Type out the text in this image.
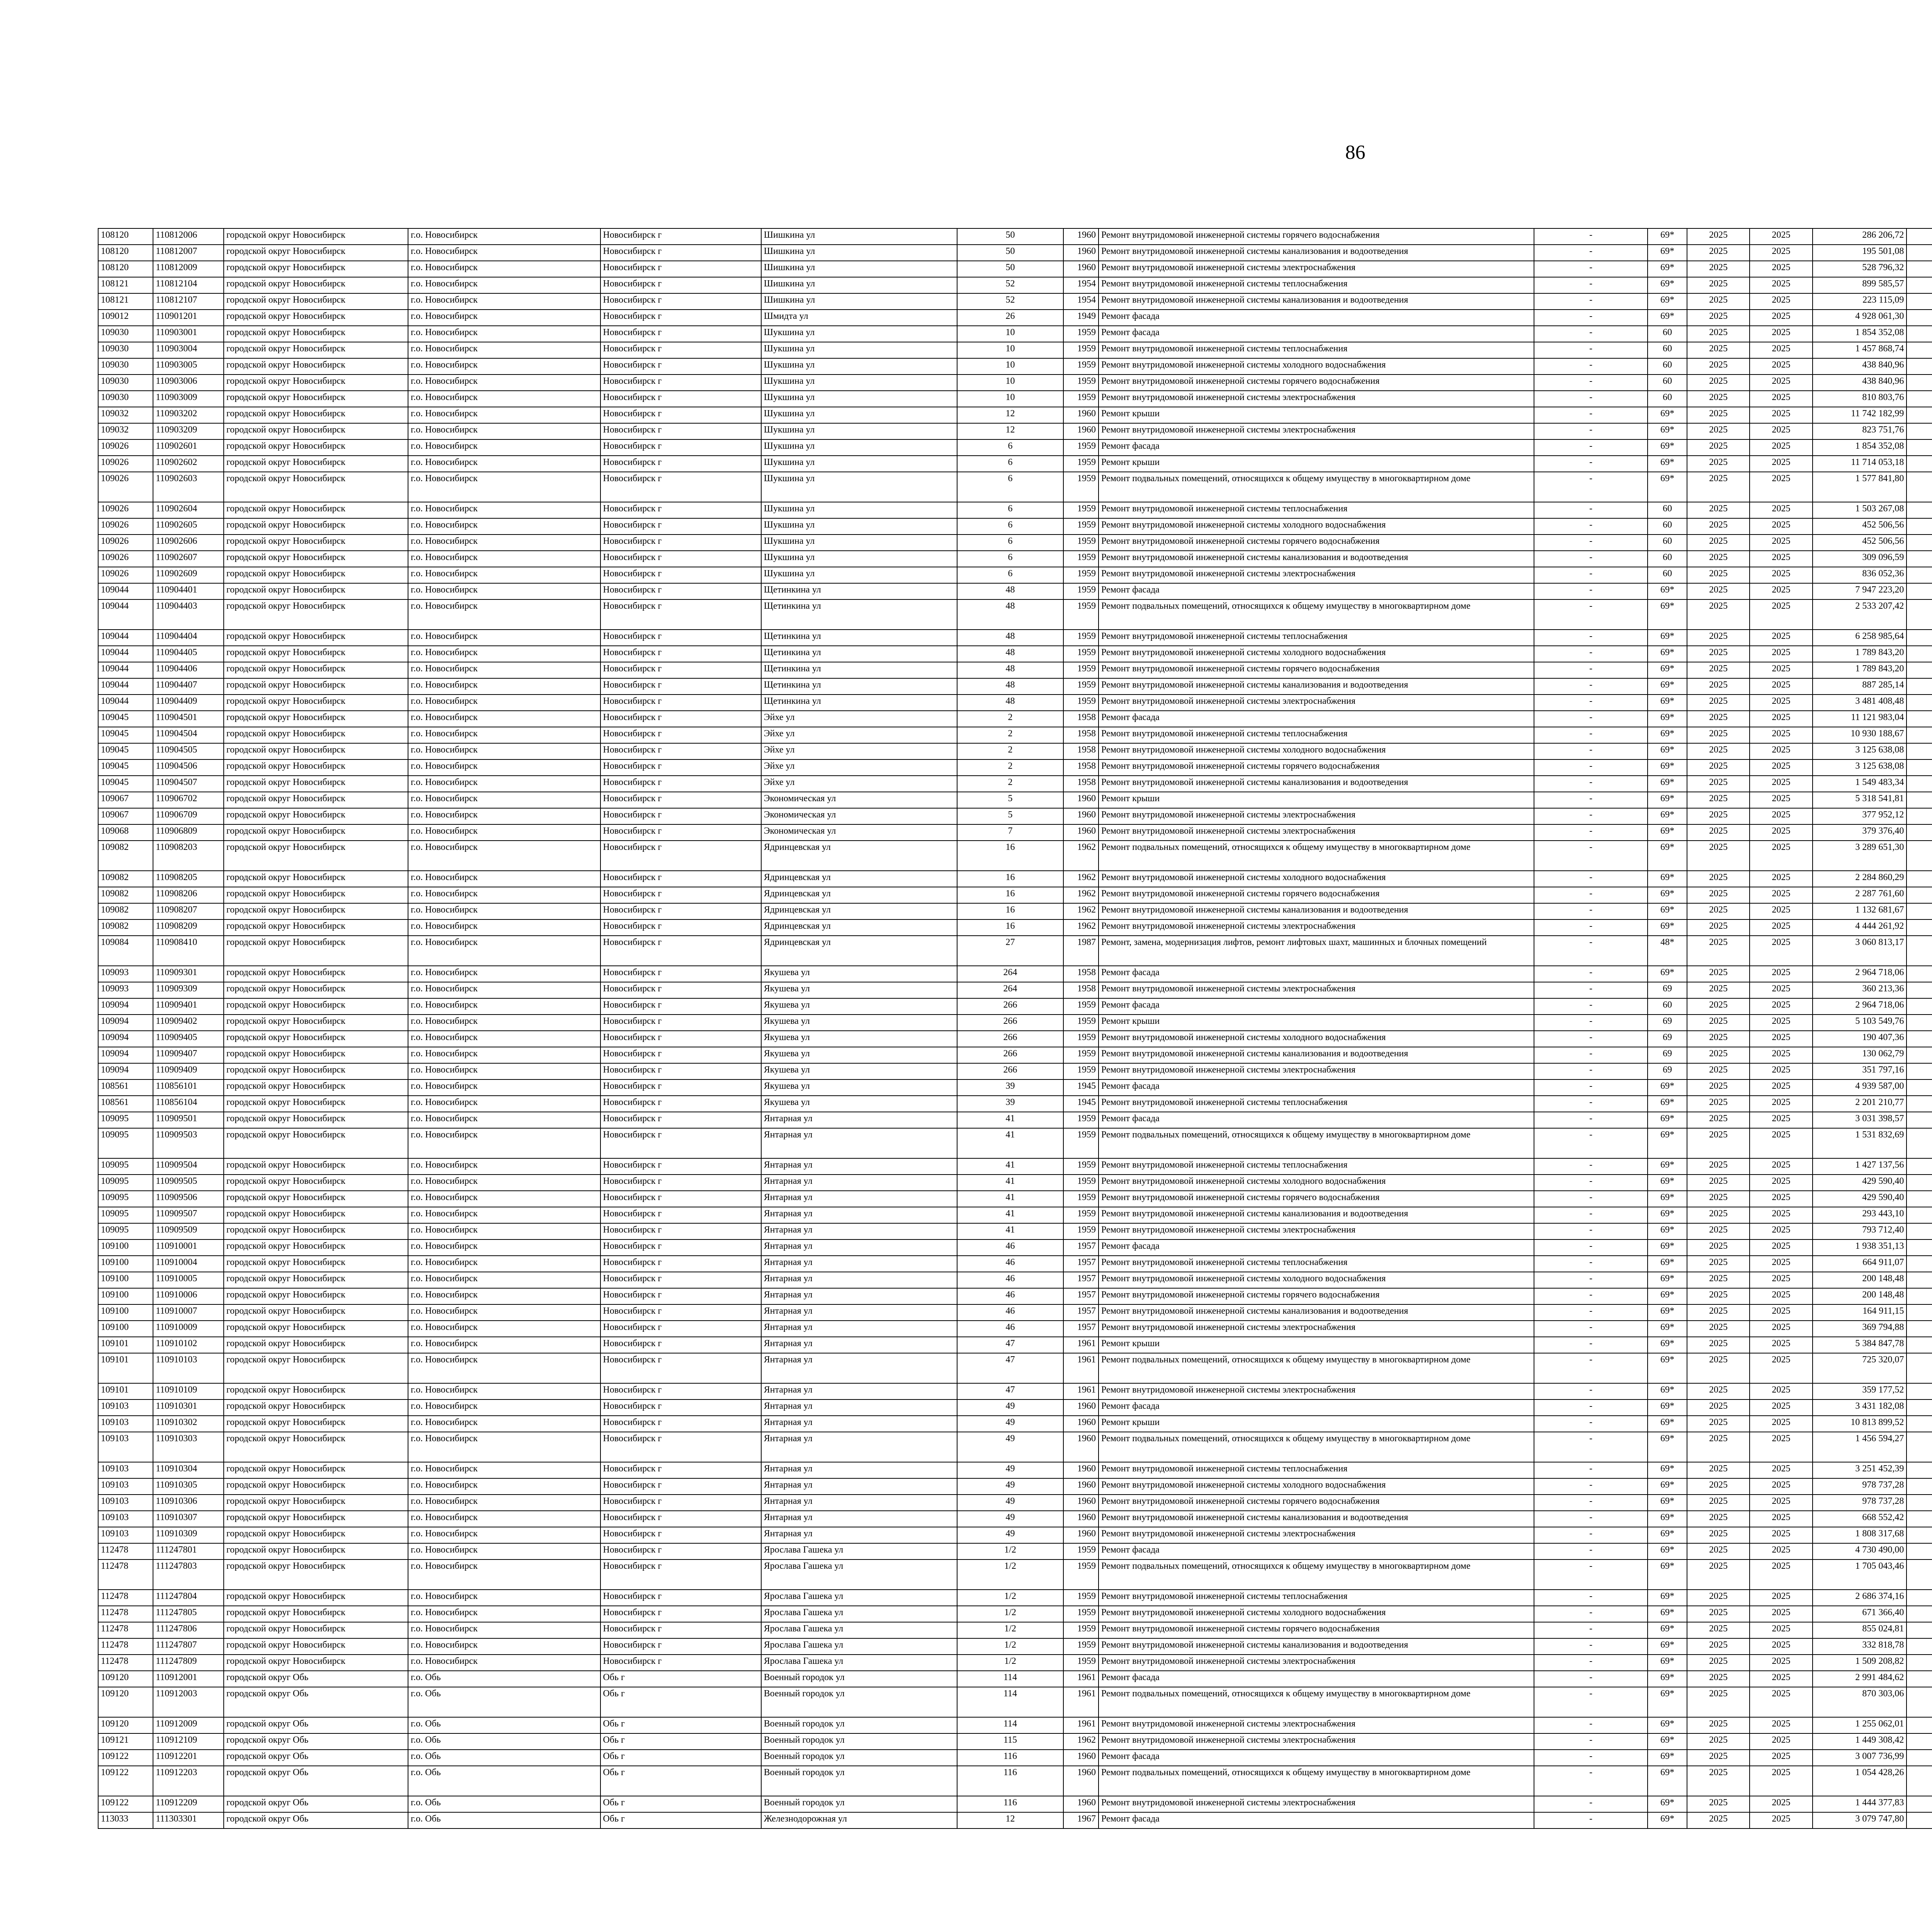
86
108120	110812006	городской округ Новосибирск	г.о. Новосибирск	Новосибирск г	Шишкина ул	50	1960	Ремонт внутридомовой инженерной системы горячего водоснабжения	-	69*	2025	2025	286 206,72							
108120	110812007	городской округ Новосибирск	г.о. Новосибирск	Новосибирск г	Шишкина ул	50	1960	Ремонт внутридомовой инженерной системы канализования и водоотведения	-	69*	2025	2025	195 501,08							
108120	110812009	городской округ Новосибирск	г.о. Новосибирск	Новосибирск г	Шишкина ул	50	1960	Ремонт внутридомовой инженерной системы электроснабжения	-	69*	2025	2025	528 796,32							
108121	110812104	городской округ Новосибирск	г.о. Новосибирск	Новосибирск г	Шишкина ул	52	1954	Ремонт внутридомовой инженерной системы теплоснабжения	-	69*	2025	2025	899 585,57							
108121	110812107	городской округ Новосибирск	г.о. Новосибирск	Новосибирск г	Шишкина ул	52	1954	Ремонт внутридомовой инженерной системы канализования и водоотведения	-	69*	2025	2025	223 115,09							
109012	110901201	городской округ Новосибирск	г.о. Новосибирск	Новосибирск г	Шмидта ул	26	1949	Ремонт фасада	-	69*	2025	2025	4 928 061,30							
109030	110903001	городской округ Новосибирск	г.о. Новосибирск	Новосибирск г	Шукшина ул	10	1959	Ремонт фасада	-	60	2025	2025	1 854 352,08							
109030	110903004	городской округ Новосибирск	г.о. Новосибирск	Новосибирск г	Шукшина ул	10	1959	Ремонт внутридомовой инженерной системы теплоснабжения	-	60	2025	2025	1 457 868,74							
109030	110903005	городской округ Новосибирск	г.о. Новосибирск	Новосибирск г	Шукшина ул	10	1959	Ремонт внутридомовой инженерной системы холодного водоснабжения	-	60	2025	2025	438 840,96							
109030	110903006	городской округ Новосибирск	г.о. Новосибирск	Новосибирск г	Шукшина ул	10	1959	Ремонт внутридомовой инженерной системы горячего водоснабжения	-	60	2025	2025	438 840,96							
109030	110903009	городской округ Новосибирск	г.о. Новосибирск	Новосибирск г	Шукшина ул	10	1959	Ремонт внутридомовой инженерной системы электроснабжения	-	60	2025	2025	810 803,76							
109032	110903202	городской округ Новосибирск	г.о. Новосибирск	Новосибирск г	Шукшина ул	12	1960	Ремонт крыши	-	69*	2025	2025	11 742 182,99							
109032	110903209	городской округ Новосибирск	г.о. Новосибирск	Новосибирск г	Шукшина ул	12	1960	Ремонт внутридомовой инженерной системы электроснабжения	-	69*	2025	2025	823 751,76							
109026	110902601	городской округ Новосибирск	г.о. Новосибирск	Новосибирск г	Шукшина ул	6	1959	Ремонт фасада	-	69*	2025	2025	1 854 352,08							
109026	110902602	городской округ Новосибирск	г.о. Новосибирск	Новосибирск г	Шукшина ул	6	1959	Ремонт крыши	-	69*	2025	2025	11 714 053,18							
109026	110902603	городской округ Новосибирск	г.о. Новосибирск	Новосибирск г	Шукшина ул	6	1959	Ремонт подвальных помещений, относящихся к общему имуществу в многоквартирном доме	-	69*	2025	2025	1 577 841,80							
109026	110902604	городской округ Новосибирск	г.о. Новосибирск	Новосибирск г	Шукшина ул	6	1959	Ремонт внутридомовой инженерной системы теплоснабжения	-	60	2025	2025	1 503 267,08							
109026	110902605	городской округ Новосибирск	г.о. Новосибирск	Новосибирск г	Шукшина ул	6	1959	Ремонт внутридомовой инженерной системы холодного водоснабжения	-	60	2025	2025	452 506,56							
109026	110902606	городской округ Новосибирск	г.о. Новосибирск	Новосибирск г	Шукшина ул	6	1959	Ремонт внутридомовой инженерной системы горячего водоснабжения	-	60	2025	2025	452 506,56							
109026	110902607	городской округ Новосибирск	г.о. Новосибирск	Новосибирск г	Шукшина ул	6	1959	Ремонт внутридомовой инженерной системы канализования и водоотведения	-	60	2025	2025	309 096,59							
109026	110902609	городской округ Новосибирск	г.о. Новосибирск	Новосибирск г	Шукшина ул	6	1959	Ремонт внутридомовой инженерной системы электроснабжения	-	60	2025	2025	836 052,36							
109044	110904401	городской округ Новосибирск	г.о. Новосибирск	Новосибирск г	Щетинкина ул	48	1959	Ремонт фасада	-	69*	2025	2025	7 947 223,20							
109044	110904403	городской округ Новосибирск	г.о. Новосибирск	Новосибирск г	Щетинкина ул	48	1959	Ремонт подвальных помещений, относящихся к общему имуществу в многоквартирном доме	-	69*	2025	2025	2 533 207,42							
109044	110904404	городской округ Новосибирск	г.о. Новосибирск	Новосибирск г	Щетинкина ул	48	1959	Ремонт внутридомовой инженерной системы теплоснабжения	-	69*	2025	2025	6 258 985,64							
109044	110904405	городской округ Новосибирск	г.о. Новосибирск	Новосибирск г	Щетинкина ул	48	1959	Ремонт внутридомовой инженерной системы холодного водоснабжения	-	69*	2025	2025	1 789 843,20							
109044	110904406	городской округ Новосибирск	г.о. Новосибирск	Новосибирск г	Щетинкина ул	48	1959	Ремонт внутридомовой инженерной системы горячего водоснабжения	-	69*	2025	2025	1 789 843,20							
109044	110904407	городской округ Новосибирск	г.о. Новосибирск	Новосибирск г	Щетинкина ул	48	1959	Ремонт внутридомовой инженерной системы канализования и водоотведения	-	69*	2025	2025	887 285,14							
109044	110904409	городской округ Новосибирск	г.о. Новосибирск	Новосибирск г	Щетинкина ул	48	1959	Ремонт внутридомовой инженерной системы электроснабжения	-	69*	2025	2025	3 481 408,48							
109045	110904501	городской округ Новосибирск	г.о. Новосибирск	Новосибирск г	Эйхе ул	2	1958	Ремонт фасада	-	69*	2025	2025	11 121 983,04							
109045	110904504	городской округ Новосибирск	г.о. Новосибирск	Новосибирск г	Эйхе ул	2	1958	Ремонт внутридомовой инженерной системы теплоснабжения	-	69*	2025	2025	10 930 188,67							
109045	110904505	городской округ Новосибирск	г.о. Новосибирск	Новосибирск г	Эйхе ул	2	1958	Ремонт внутридомовой инженерной системы холодного водоснабжения	-	69*	2025	2025	3 125 638,08							
109045	110904506	городской округ Новосибирск	г.о. Новосибирск	Новосибирск г	Эйхе ул	2	1958	Ремонт внутридомовой инженерной системы горячего водоснабжения	-	69*	2025	2025	3 125 638,08							
109045	110904507	городской округ Новосибирск	г.о. Новосибирск	Новосибирск г	Эйхе ул	2	1958	Ремонт внутридомовой инженерной системы канализования и водоотведения	-	69*	2025	2025	1 549 483,34							
109067	110906702	городской округ Новосибирск	г.о. Новосибирск	Новосибирск г	Экономическая ул	5	1960	Ремонт крыши	-	69*	2025	2025	5 318 541,81							
109067	110906709	городской округ Новосибирск	г.о. Новосибирск	Новосибирск г	Экономическая ул	5	1960	Ремонт внутридомовой инженерной системы электроснабжения	-	69*	2025	2025	377 952,12							
109068	110906809	городской округ Новосибирск	г.о. Новосибирск	Новосибирск г	Экономическая ул	7	1960	Ремонт внутридомовой инженерной системы электроснабжения	-	69*	2025	2025	379 376,40							
109082	110908203	городской округ Новосибирск	г.о. Новосибирск	Новосибирск г	Ядринцевская ул	16	1962	Ремонт подвальных помещений, относящихся к общему имуществу в многоквартирном доме	-	69*	2025	2025	3 289 651,30							
109082	110908205	городской округ Новосибирск	г.о. Новосибирск	Новосибирск г	Ядринцевская ул	16	1962	Ремонт внутридомовой инженерной системы холодного водоснабжения	-	69*	2025	2025	2 284 860,29							
109082	110908206	городской округ Новосибирск	г.о. Новосибирск	Новосибирск г	Ядринцевская ул	16	1962	Ремонт внутридомовой инженерной системы горячего водоснабжения	-	69*	2025	2025	2 287 761,60							
109082	110908207	городской округ Новосибирск	г.о. Новосибирск	Новосибирск г	Ядринцевская ул	16	1962	Ремонт внутридомовой инженерной системы канализования и водоотведения	-	69*	2025	2025	1 132 681,67							
109082	110908209	городской округ Новосибирск	г.о. Новосибирск	Новосибирск г	Ядринцевская ул	16	1962	Ремонт внутридомовой инженерной системы электроснабжения	-	69*	2025	2025	4 444 261,92							
109084	110908410	городской округ Новосибирск	г.о. Новосибирск	Новосибирск г	Ядринцевская ул	27	1987	Ремонт, замена, модернизация лифтов, ремонт лифтовых шахт, машинных и блочных помещений	-	48*	2025	2025	3 060 813,17							
109093	110909301	городской округ Новосибирск	г.о. Новосибирск	Новосибирск г	Якушева ул	264	1958	Ремонт фасада	-	69*	2025	2025	2 964 718,06							
109093	110909309	городской округ Новосибирск	г.о. Новосибирск	Новосибирск г	Якушева ул	264	1958	Ремонт внутридомовой инженерной системы электроснабжения	-	69	2025	2025	360 213,36							
109094	110909401	городской округ Новосибирск	г.о. Новосибирск	Новосибирск г	Якушева ул	266	1959	Ремонт фасада	-	60	2025	2025	2 964 718,06							
109094	110909402	городской округ Новосибирск	г.о. Новосибирск	Новосибирск г	Якушева ул	266	1959	Ремонт крыши	-	69	2025	2025	5 103 549,76							
109094	110909405	городской округ Новосибирск	г.о. Новосибирск	Новосибирск г	Якушева ул	266	1959	Ремонт внутридомовой инженерной системы холодного водоснабжения	-	69	2025	2025	190 407,36							
109094	110909407	городской округ Новосибирск	г.о. Новосибирск	Новосибирск г	Якушева ул	266	1959	Ремонт внутридомовой инженерной системы канализования и водоотведения	-	69	2025	2025	130 062,79							
109094	110909409	городской округ Новосибирск	г.о. Новосибирск	Новосибирск г	Якушева ул	266	1959	Ремонт внутридомовой инженерной системы электроснабжения	-	69	2025	2025	351 797,16							
108561	110856101	городской округ Новосибирск	г.о. Новосибирск	Новосибирск г	Якушева ул	39	1945	Ремонт фасада	-	69*	2025	2025	4 939 587,00							
108561	110856104	городской округ Новосибирск	г.о. Новосибирск	Новосибирск г	Якушева ул	39	1945	Ремонт внутридомовой инженерной системы теплоснабжения	-	69*	2025	2025	2 201 210,77							
109095	110909501	городской округ Новосибирск	г.о. Новосибирск	Новосибирск г	Янтарная ул	41	1959	Ремонт фасада	-	69*	2025	2025	3 031 398,57							
109095	110909503	городской округ Новосибирск	г.о. Новосибирск	Новосибирск г	Янтарная ул	41	1959	Ремонт подвальных помещений, относящихся к общему имуществу в многоквартирном доме	-	69*	2025	2025	1 531 832,69							
109095	110909504	городской округ Новосибирск	г.о. Новосибирск	Новосибирск г	Янтарная ул	41	1959	Ремонт внутридомовой инженерной системы теплоснабжения	-	69*	2025	2025	1 427 137,56							
109095	110909505	городской округ Новосибирск	г.о. Новосибирск	Новосибирск г	Янтарная ул	41	1959	Ремонт внутридомовой инженерной системы холодного водоснабжения	-	69*	2025	2025	429 590,40							
109095	110909506	городской округ Новосибирск	г.о. Новосибирск	Новосибирск г	Янтарная ул	41	1959	Ремонт внутридомовой инженерной системы горячего водоснабжения	-	69*	2025	2025	429 590,40							
109095	110909507	городской округ Новосибирск	г.о. Новосибирск	Новосибирск г	Янтарная ул	41	1959	Ремонт внутридомовой инженерной системы канализования и водоотведения	-	69*	2025	2025	293 443,10							
109095	110909509	городской округ Новосибирск	г.о. Новосибирск	Новосибирск г	Янтарная ул	41	1959	Ремонт внутридомовой инженерной системы электроснабжения	-	69*	2025	2025	793 712,40							
109100	110910001	городской округ Новосибирск	г.о. Новосибирск	Новосибирск г	Янтарная ул	46	1957	Ремонт фасада	-	69*	2025	2025	1 938 351,13							
109100	110910004	городской округ Новосибирск	г.о. Новосибирск	Новосибирск г	Янтарная ул	46	1957	Ремонт внутридомовой инженерной системы теплоснабжения	-	69*	2025	2025	664 911,07							
109100	110910005	городской округ Новосибирск	г.о. Новосибирск	Новосибирск г	Янтарная ул	46	1957	Ремонт внутридомовой инженерной системы холодного водоснабжения	-	69*	2025	2025	200 148,48							
109100	110910006	городской округ Новосибирск	г.о. Новосибирск	Новосибирск г	Янтарная ул	46	1957	Ремонт внутридомовой инженерной системы горячего водоснабжения	-	69*	2025	2025	200 148,48							
109100	110910007	городской округ Новосибирск	г.о. Новосибирск	Новосибирск г	Янтарная ул	46	1957	Ремонт внутридомовой инженерной системы канализования и водоотведения	-	69*	2025	2025	164 911,15							
109100	110910009	городской округ Новосибирск	г.о. Новосибирск	Новосибирск г	Янтарная ул	46	1957	Ремонт внутридомовой инженерной системы электроснабжения	-	69*	2025	2025	369 794,88							
109101	110910102	городской округ Новосибирск	г.о. Новосибирск	Новосибирск г	Янтарная ул	47	1961	Ремонт крыши	-	69*	2025	2025	5 384 847,78							
109101	110910103	городской округ Новосибирск	г.о. Новосибирск	Новосибирск г	Янтарная ул	47	1961	Ремонт подвальных помещений, относящихся к общему имуществу в многоквартирном доме	-	69*	2025	2025	725 320,07							
109101	110910109	городской округ Новосибирск	г.о. Новосибирск	Новосибирск г	Янтарная ул	47	1961	Ремонт внутридомовой инженерной системы электроснабжения	-	69*	2025	2025	359 177,52							
109103	110910301	городской округ Новосибирск	г.о. Новосибирск	Новосибирск г	Янтарная ул	49	1960	Ремонт фасада	-	69*	2025	2025	3 431 182,08							
109103	110910302	городской округ Новосибирск	г.о. Новосибирск	Новосибирск г	Янтарная ул	49	1960	Ремонт крыши	-	69*	2025	2025	10 813 899,52							
109103	110910303	городской округ Новосибирск	г.о. Новосибирск	Новосибирск г	Янтарная ул	49	1960	Ремонт подвальных помещений, относящихся к общему имуществу в многоквартирном доме	-	69*	2025	2025	1 456 594,27							
109103	110910304	городской округ Новосибирск	г.о. Новосибирск	Новосибирск г	Янтарная ул	49	1960	Ремонт внутридомовой инженерной системы теплоснабжения	-	69*	2025	2025	3 251 452,39							
109103	110910305	городской округ Новосибирск	г.о. Новосибирск	Новосибирск г	Янтарная ул	49	1960	Ремонт внутридомовой инженерной системы холодного водоснабжения	-	69*	2025	2025	978 737,28							
109103	110910306	городской округ Новосибирск	г.о. Новосибирск	Новосибирск г	Янтарная ул	49	1960	Ремонт внутридомовой инженерной системы горячего водоснабжения	-	69*	2025	2025	978 737,28							
109103	110910307	городской округ Новосибирск	г.о. Новосибирск	Новосибирск г	Янтарная ул	49	1960	Ремонт внутридомовой инженерной системы канализования и водоотведения	-	69*	2025	2025	668 552,42							
109103	110910309	городской округ Новосибирск	г.о. Новосибирск	Новосибирск г	Янтарная ул	49	1960	Ремонт внутридомовой инженерной системы электроснабжения	-	69*	2025	2025	1 808 317,68							
112478	111247801	городской округ Новосибирск	г.о. Новосибирск	Новосибирск г	Ярослава Гашека ул	1/2	1959	Ремонт фасада	-	69*	2025	2025	4 730 490,00							
112478	111247803	городской округ Новосибирск	г.о. Новосибирск	Новосибирск г	Ярослава Гашека ул	1/2	1959	Ремонт подвальных помещений, относящихся к общему имуществу в многоквартирном доме	-	69*	2025	2025	1 705 043,46							
112478	111247804	городской округ Новосибирск	г.о. Новосибирск	Новосибирск г	Ярослава Гашека ул	1/2	1959	Ремонт внутридомовой инженерной системы теплоснабжения	-	69*	2025	2025	2 686 374,16							
112478	111247805	городской округ Новосибирск	г.о. Новосибирск	Новосибирск г	Ярослава Гашека ул	1/2	1959	Ремонт внутридомовой инженерной системы холодного водоснабжения	-	69*	2025	2025	671 366,40							
112478	111247806	городской округ Новосибирск	г.о. Новосибирск	Новосибирск г	Ярослава Гашека ул	1/2	1959	Ремонт внутридомовой инженерной системы горячего водоснабжения	-	69*	2025	2025	855 024,81							
112478	111247807	городской округ Новосибирск	г.о. Новосибирск	Новосибирск г	Ярослава Гашека ул	1/2	1959	Ремонт внутридомовой инженерной системы канализования и водоотведения	-	69*	2025	2025	332 818,78							
112478	111247809	городской округ Новосибирск	г.о. Новосибирск	Новосибирск г	Ярослава Гашека ул	1/2	1959	Ремонт внутридомовой инженерной системы электроснабжения	-	69*	2025	2025	1 509 208,82							
109120	110912001	городской округ Обь	г.о. Обь	Обь г	Военный городок ул	114	1961	Ремонт фасада	-	69*	2025	2025	2 991 484,62							
109120	110912003	городской округ Обь	г.о. Обь	Обь г	Военный городок ул	114	1961	Ремонт подвальных помещений, относящихся к общему имуществу в многоквартирном доме	-	69*	2025	2025	870 303,06							
109120	110912009	городской округ Обь	г.о. Обь	Обь г	Военный городок ул	114	1961	Ремонт внутридомовой инженерной системы электроснабжения	-	69*	2025	2025	1 255 062,01							
109121	110912109	городской округ Обь	г.о. Обь	Обь г	Военный городок ул	115	1962	Ремонт внутридомовой инженерной системы электроснабжения	-	69*	2025	2025	1 449 308,42							
109122	110912201	городской округ Обь	г.о. Обь	Обь г	Военный городок ул	116	1960	Ремонт фасада	-	69*	2025	2025	3 007 736,99							
109122	110912203	городской округ Обь	г.о. Обь	Обь г	Военный городок ул	116	1960	Ремонт подвальных помещений, относящихся к общему имуществу в многоквартирном доме	-	69*	2025	2025	1 054 428,26							
109122	110912209	городской округ Обь	г.о. Обь	Обь г	Военный городок ул	116	1960	Ремонт внутридомовой инженерной системы электроснабжения	-	69*	2025	2025	1 444 377,83							
113033	111303301	городской округ Обь	г.о. Обь	Обь г	Железнодорожная ул	12	1967	Ремонт фасада	-	69*	2025	2025	3 079 747,80							
